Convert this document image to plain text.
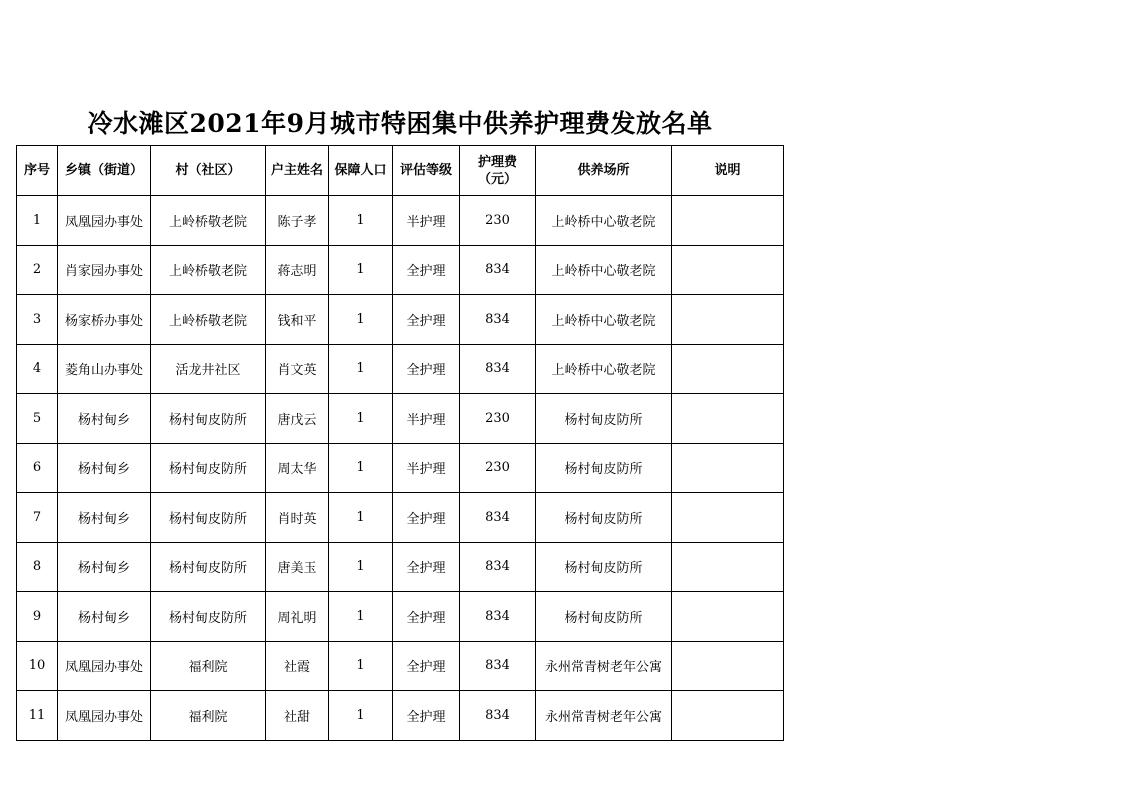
冷水滩区2021年9月城市特困集中供养护理费发放名单
序号	乡镇（街道）	村（社区）	户主姓名	保障人口	评估等级	护理费
（元）	供养场所	说明
1	凤凰园办事处	上岭桥敬老院	陈子孝	1	半护理	230	上岭桥中心敬老院	
2	肖家园办事处	上岭桥敬老院	蒋志明	1	全护理	834	上岭桥中心敬老院	
3	杨家桥办事处	上岭桥敬老院	钱和平	1	全护理	834	上岭桥中心敬老院	
4	菱角山办事处	活龙井社区	肖文英	1	全护理	834	上岭桥中心敬老院	
5	杨村甸乡	杨村甸皮防所	唐戊云	1	半护理	230	杨村甸皮防所	
6	杨村甸乡	杨村甸皮防所	周太华	1	半护理	230	杨村甸皮防所	
7	杨村甸乡	杨村甸皮防所	肖时英	1	全护理	834	杨村甸皮防所	
8	杨村甸乡	杨村甸皮防所	唐美玉	1	全护理	834	杨村甸皮防所	
9	杨村甸乡	杨村甸皮防所	周礼明	1	全护理	834	杨村甸皮防所	
10	凤凰园办事处	福利院	社霞	1	全护理	834	永州常青树老年公寓	
11	凤凰园办事处	福利院	社甜	1	全护理	834	永州常青树老年公寓	
